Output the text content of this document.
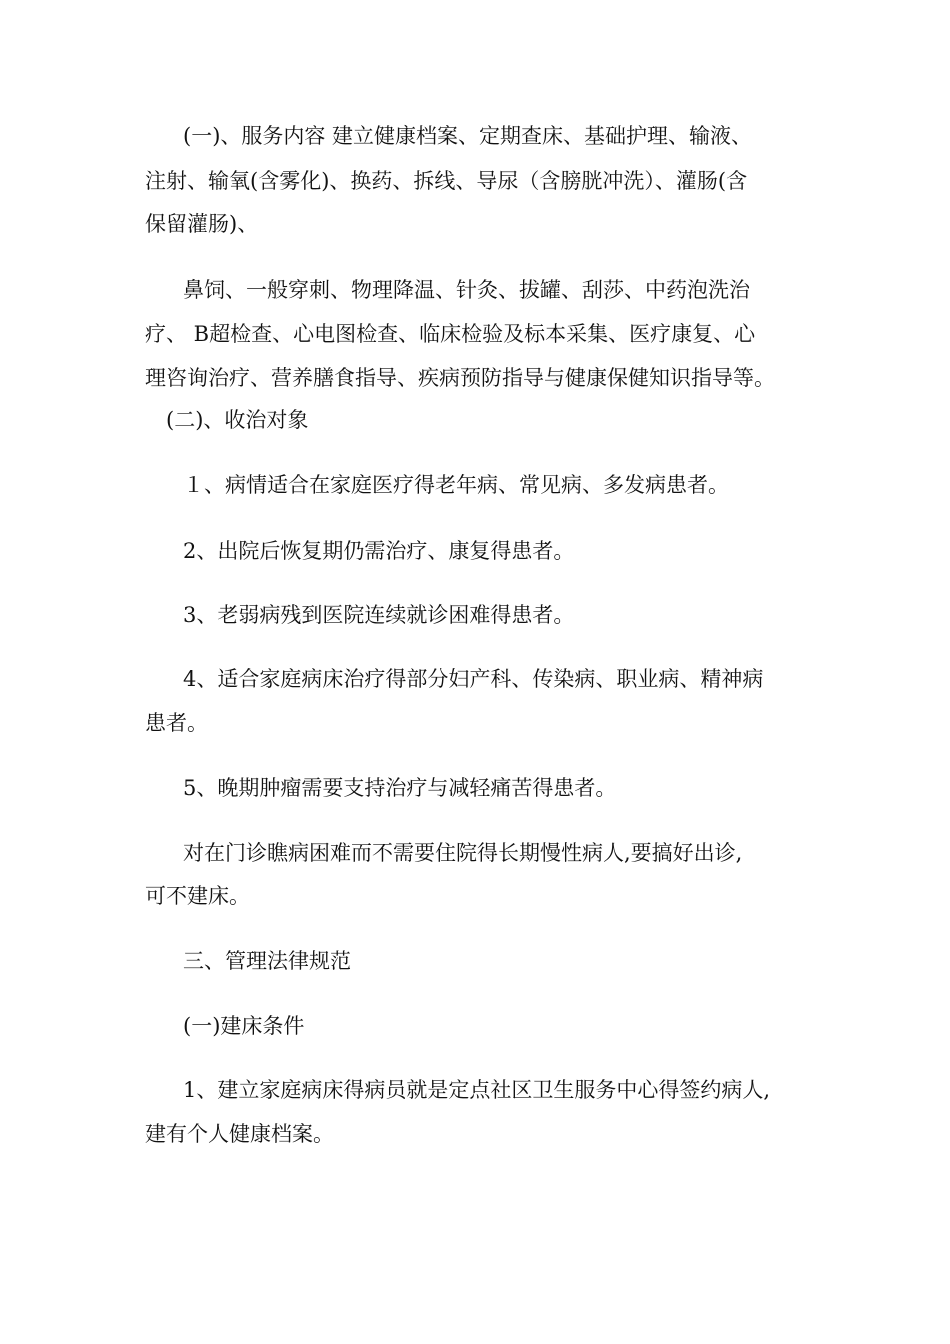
(一)、服务内容 建立健康档案、定期查床、基础护理、输液、
注射、输氧(含雾化)、换药、拆线、导尿（含膀胱冲洗）、灌肠(含
保留灌肠)、
鼻饲、一般穿刺、物理降温、针灸、拔罐、刮莎、中药泡洗治
疗、 B超检查、心电图检查、临床检验及标本采集、医疗康复、心
理咨询治疗、营养膳食指导、疾病预防指导与健康保健知识指导等。
(二)、收治对象
１、病情适合在家庭医疗得老年病、常见病、多发病患者。
2、出院后恢复期仍需治疗、康复得患者。
3、老弱病残到医院连续就诊困难得患者。
4、适合家庭病床治疗得部分妇产科、传染病、职业病、精神病
患者。
5、晚期肿瘤需要支持治疗与减轻痛苦得患者。
对在门诊瞧病困难而不需要住院得长期慢性病人,要搞好出诊,
可不建床。
三、管理法律规范
(一)建床条件
1、建立家庭病床得病员就是定点社区卫生服务中心得签约病人,
建有个人健康档案。
